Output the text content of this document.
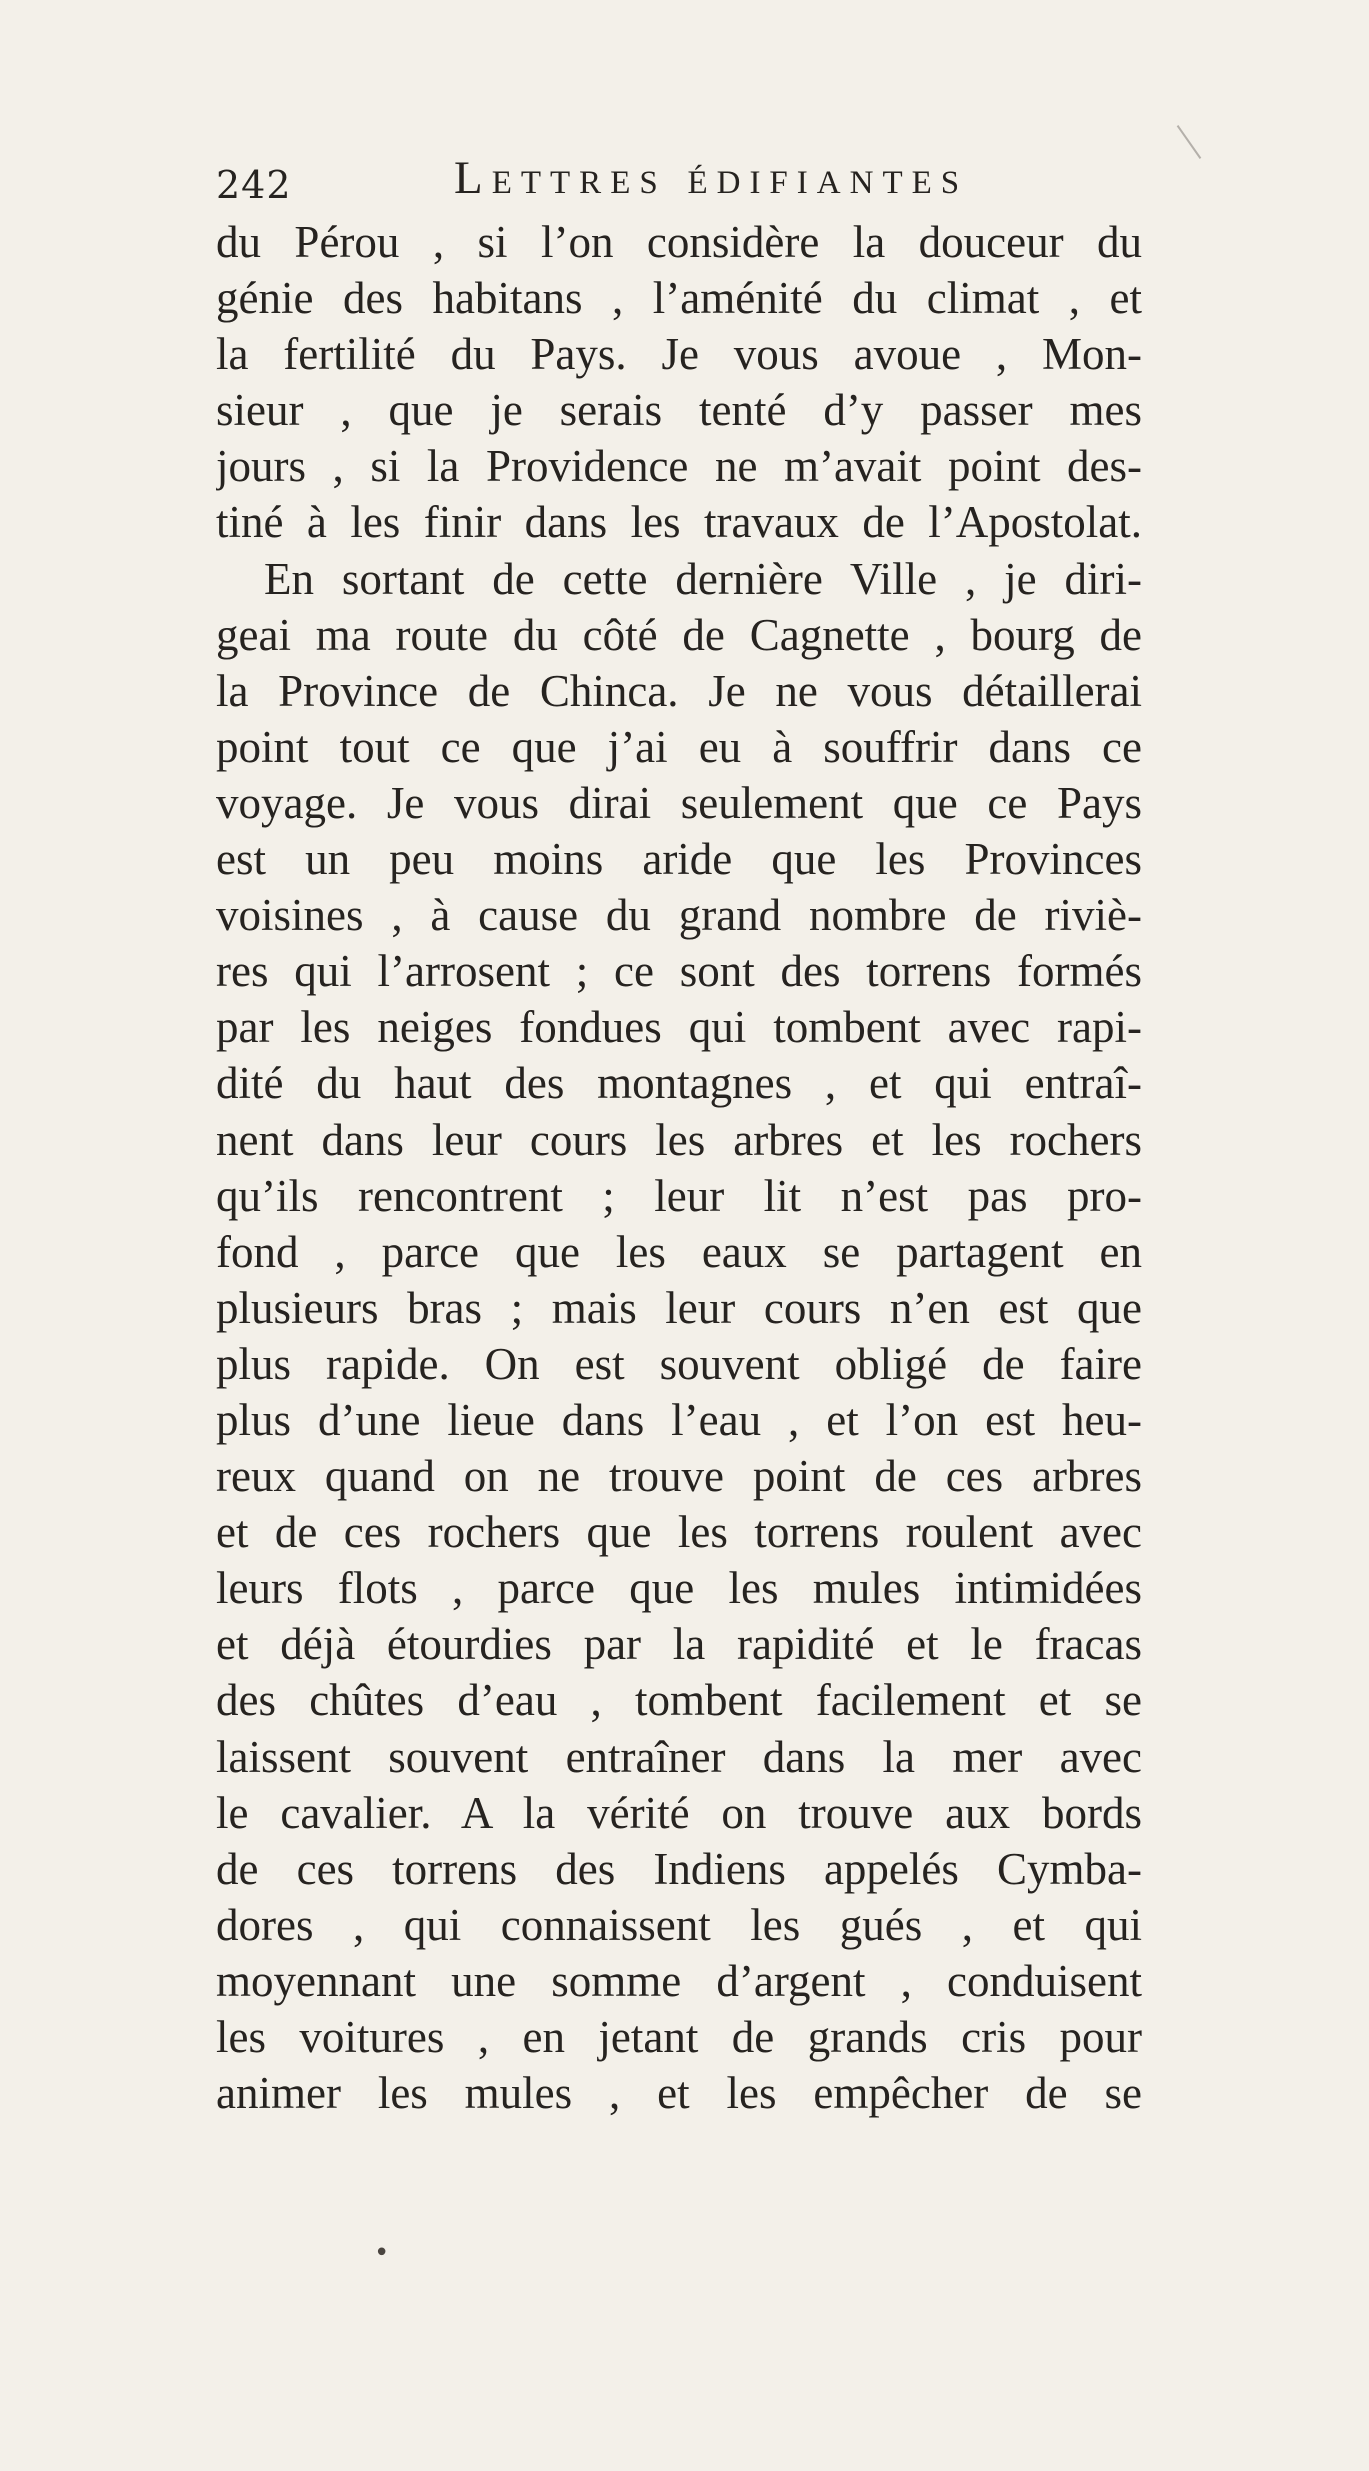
242	Lettres édifiantes
du Pérou , si l’on considère la douceur du
génie des habitans , l’aménité du climat , et
la fertilité du Pays. Je vous avoue , Mon-
sieur , que je serais tenté d’y passer mes
jours , si la Providence ne m’avait point des-
tiné à les finir dans les travaux de l’Apostolat.
En sortant de cette dernière Ville , je diri-
geai ma route du côté de Cagnette , bourg de
la Province de Chinca. Je ne vous détaillerai
point tout ce que j’ai eu à souffrir dans ce
voyage. Je vous dirai seulement que ce Pays
est un peu moins aride que les Provinces
voisines , à cause du grand nombre de riviè-
res qui l’arrosent ; ce sont des torrens formés
par les neiges fondues qui tombent avec rapi-
dité du haut des montagnes , et qui entraî-
nent dans leur cours les arbres et les rochers
qu’ils rencontrent ; leur lit n’est pas pro-
fond , parce que les eaux se partagent en
plusieurs bras ; mais leur cours n’en est que
plus rapide. On est souvent obligé de faire
plus d’une lieue dans l’eau , et l’on est heu-
reux quand on ne trouve point de ces arbres
et de ces rochers que les torrens roulent avec
leurs flots , parce que les mules intimidées
et déjà étourdies par la rapidité et le fracas
des chûtes d’eau , tombent facilement et se
laissent souvent entraîner dans la mer avec
le cavalier. A la vérité on trouve aux bords
de ces torrens des Indiens appelés Cymba-
dores , qui connaissent les gués , et qui
moyennant une somme d’argent , conduisent
les voitures , en jetant de grands cris pour
animer les mules , et les empêcher de se
•
